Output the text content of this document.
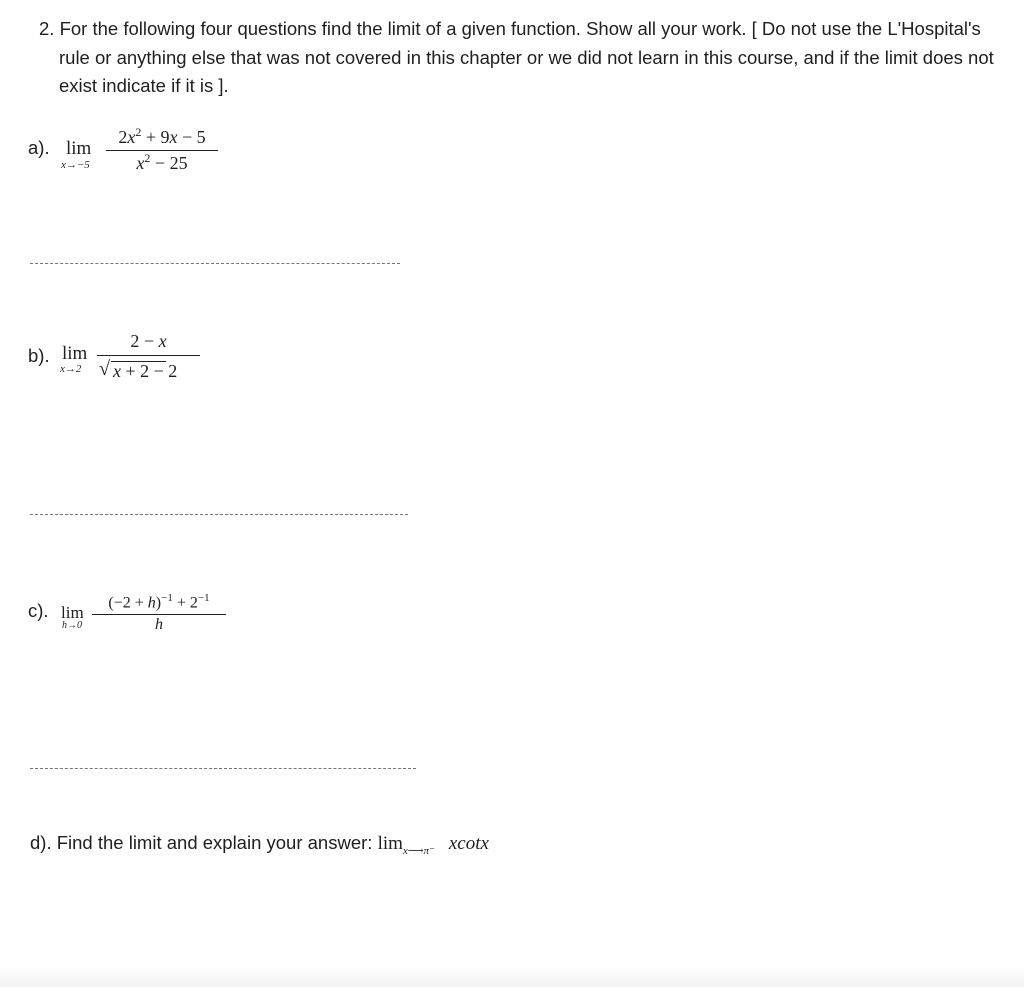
2. For the following four questions find the limit of a given function. Show all your work. [ Do not use the L'Hospital's
rule or anything else that was not covered in this chapter or we did not learn in this course, and if the limit does not
exist indicate if it is ].
a). lim
x→−5
$2x^2 + 9x - 5$
$x^2 - 25$
b). lim
x→2
2 − x
√ x + 2 − 2
c). lim
h→0
$(-2 + h)^{-1} + 2^{-1}$
h
d). Find the limit and explain your answer: $\lim_{x⟶\pi^-} xcotx$
